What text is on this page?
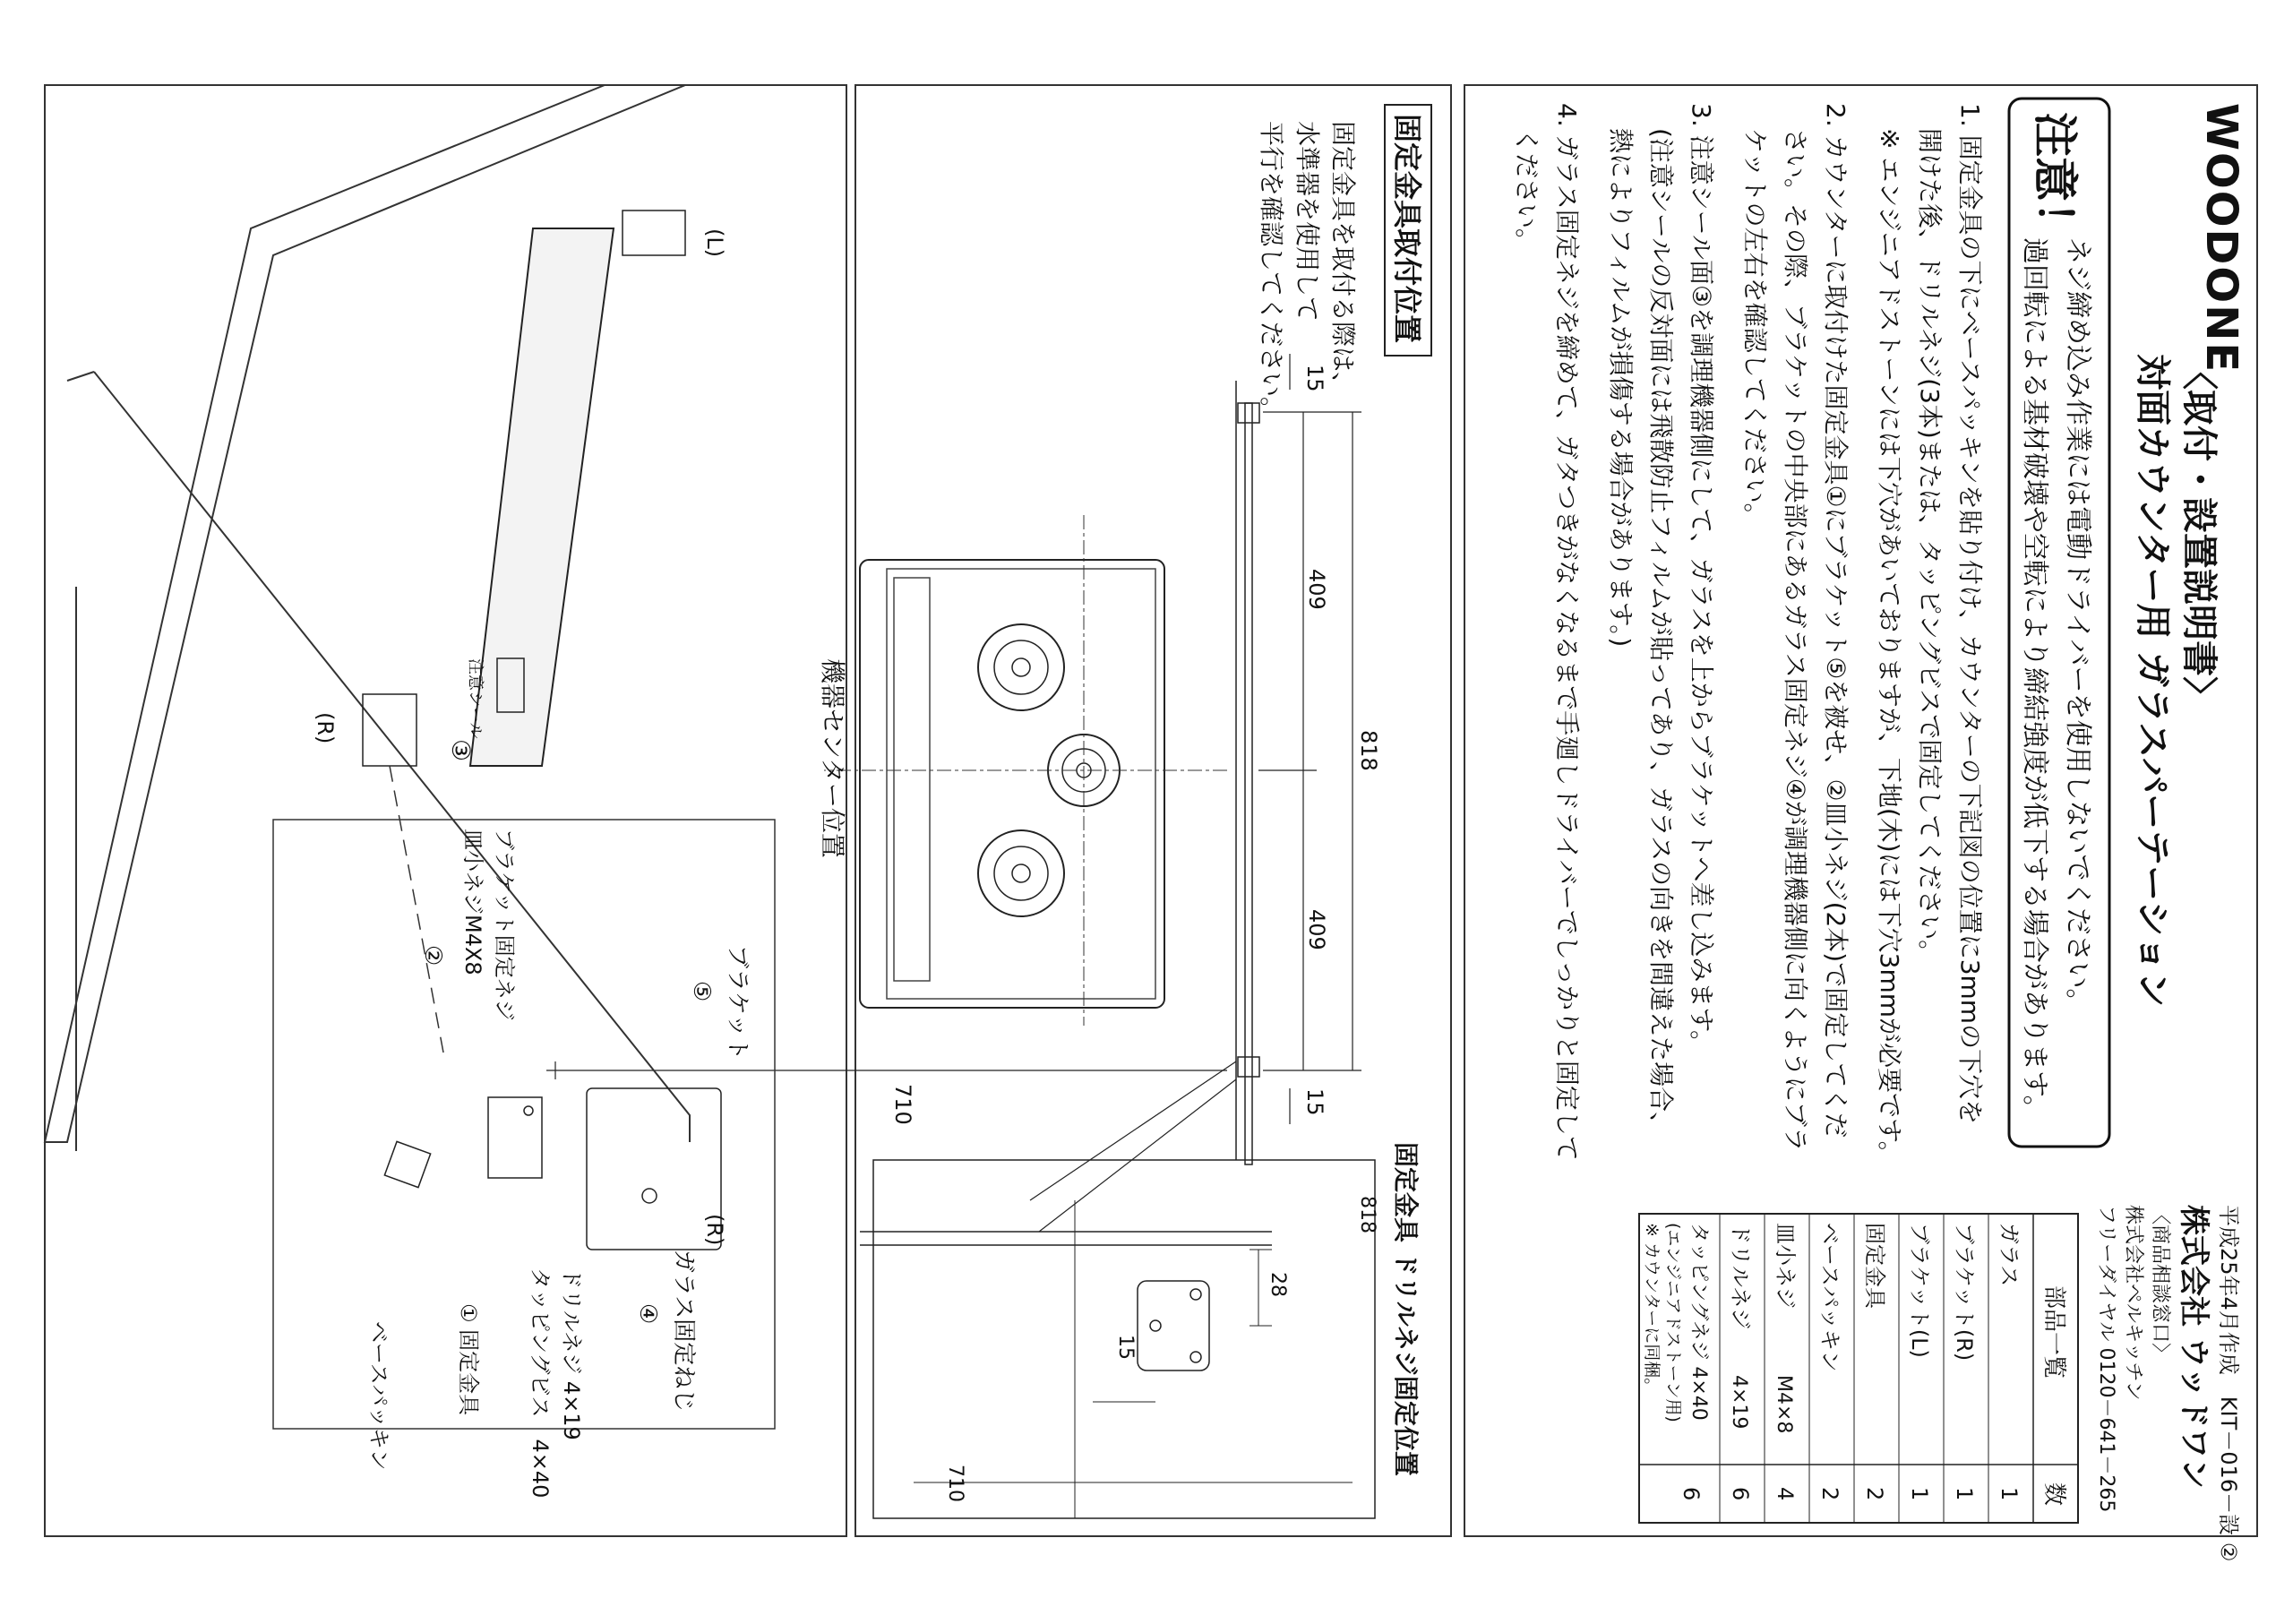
WOODONE
〈取付・設置説明書〉
対面カウンター用 ガラスパーテーション
注意！
ネジ締め込み作業には電動ドライバーを使用しないでください。
過回転による基材破壊や空転により締結強度が低下する場合があります。
1. 固定金具の下にベースパッキンを貼り付け、カウンターの下記図の位置に3mmの下穴を
　開けた後、ドリルネジ(3本)または、タッピングビスで固定してください。
　※ エンジニアドストーンには下穴があいておりますが、下地(木)には下穴3mmが必要です。
2. カウンターに取付けた固定金具①にブラケット⑤を被せ、②皿小ネジ(2本)で固定してくだ
　さい。その際、ブラケットの中央部にあるガラス固定ネジ④が調理機器側に向くようにブラ
　ケットの左右を確認してください。
3. 注意シール面③を調理機器側にして、ガラスを上からブラケットへ差し込みます。
　(注意シールの反対面には飛散防止フィルムが貼ってあり、ガラスの向きを間違えた場合、
　熱によりフィルムが損傷する場合があります。)
4. ガラス固定ネジを締めて、ガタつきがなくなるまで手廻しドライバーでしっかりと固定して
　ください。
平成25年4月作成　KIT－016－設 ②
株式会社 ウッドワン
〈商品相談窓口〉
株式会社ペルキッチン
フリーダイヤル 0120－641－265
部品一覧
数
ガラス
1
ブラケット(R)
1
ブラケット(L)
1
固定金具
2
ベースパッキン
2
皿小ネジ
M4×8
4
ドリルネジ
4×19
6
タッピングネジ 4×40
(エンジニアドストーン用)
6
※ カウンターに同梱。
固定金具取付位置
固定金具を取付る際は、
水準器を使用して
平行を確認してください。
機器センター位置
15
409
409
15
818
710
固定金具 ドリルネジ固定位置
818
28
15
710
注意シール
③
(L)
(R)
ブラケット
⑤
ブラケット固定ネジ
皿小ネジM4X8
②
(R)
ガラス固定ねじ
④
ドリルネジ 4×19
タッピングビス　4×40
① 固定金具
ベースパッキン
